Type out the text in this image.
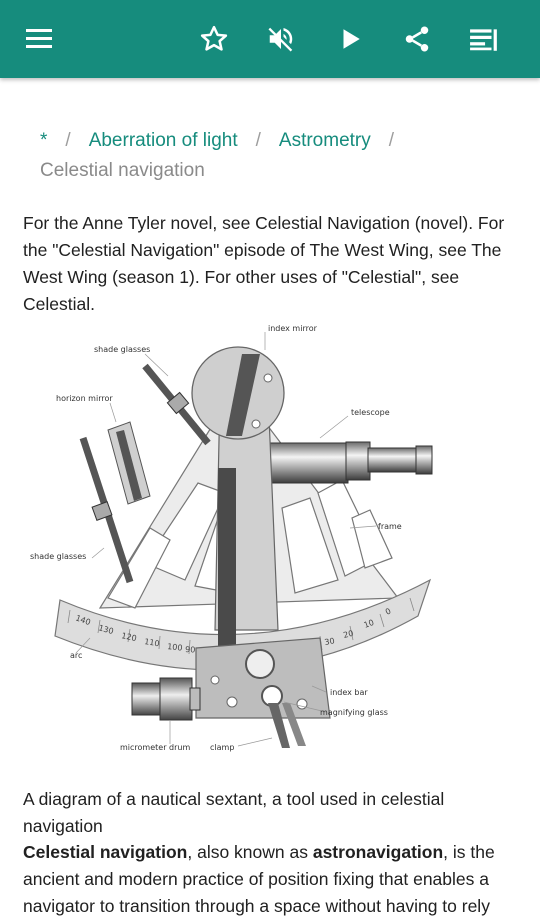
* / Aberration of light / Astrometry /
Celestial navigation
For the Anne Tyler novel, see Celestial Navigation (novel). For the "Celestial Navigation" episode of The West Wing, see The West Wing (season 1). For other uses of "Celestial", see Celestial.
140
130
120 110 100 90
30
20
10
0
index mirror
shade glasses
horizon mirror
telescope
frame
shade glasses
arc
index bar
magnifying glass
micrometer drum clamp
A diagram of a nautical sextant, a tool used in celestial navigation
Celestial navigation, also known as astronavigation, is the ancient and modern practice of position fixing that enables a navigator to transition through a space without having to rely
